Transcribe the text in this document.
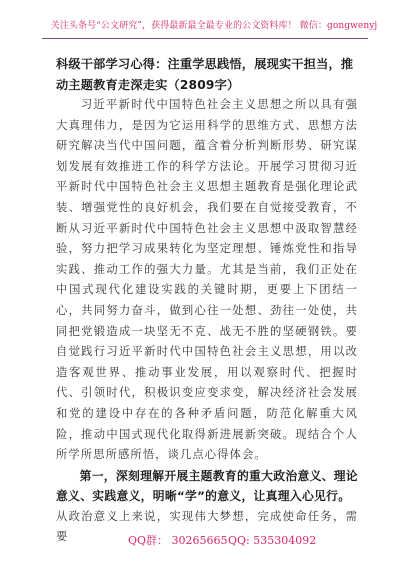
关注头条号“公文研究”，获得最新最全最专业的公文资料库！ 微信：gongwenyj

科级干部学习心得：注重学思践悟，展现实干担当，推动主题教育走深走实（2809字）

习近平新时代中国特色社会主义思想之所以具有强大真理伟力，是因为它运用科学的思维方式、思想方法研究解决当代中国问题，蕴含着分析判断形势、研究谋划发展有效推进工作的科学方法论。开展学习贯彻习近平新时代中国特色社会主义思想主题教育是强化理论武装、增强党性的良好机会，我们要在自觉接受教育，不断从习近平新时代中国特色社会主义思想中汲取智慧经验，努力把学习成果转化为坚定理想、锤炼党性和指导实践、推动工作的强大力量。尤其是当前，我们正处在中国式现代化建设实践的关键时期，更要上下团结一心，共同努力奋斗，做到心往一处想、劲往一处使，共同把党锻造成一块坚无不克、战无不胜的坚硬钢铁。要自觉践行习近平新时代中国特色社会主义思想，用以改造客观世界、推动事业发展，用以观察时代、把握时代、引领时代，积极识变应变求变，解决经济社会发展和党的建设中存在的各种矛盾问题，防范化解重大风险，推动中国式现代化取得新进展新突破。现结合个人所学所思所感所悟，谈几点心得体会。

第一，深刻理解开展主题教育的重大政治意义、理论意义、实践意义，明晰“学”的意义，让真理入心见行。

从政治意义上来说，实现伟大梦想，完成使命任务，需要	QQ群： 30265665 QQ: 535304092
